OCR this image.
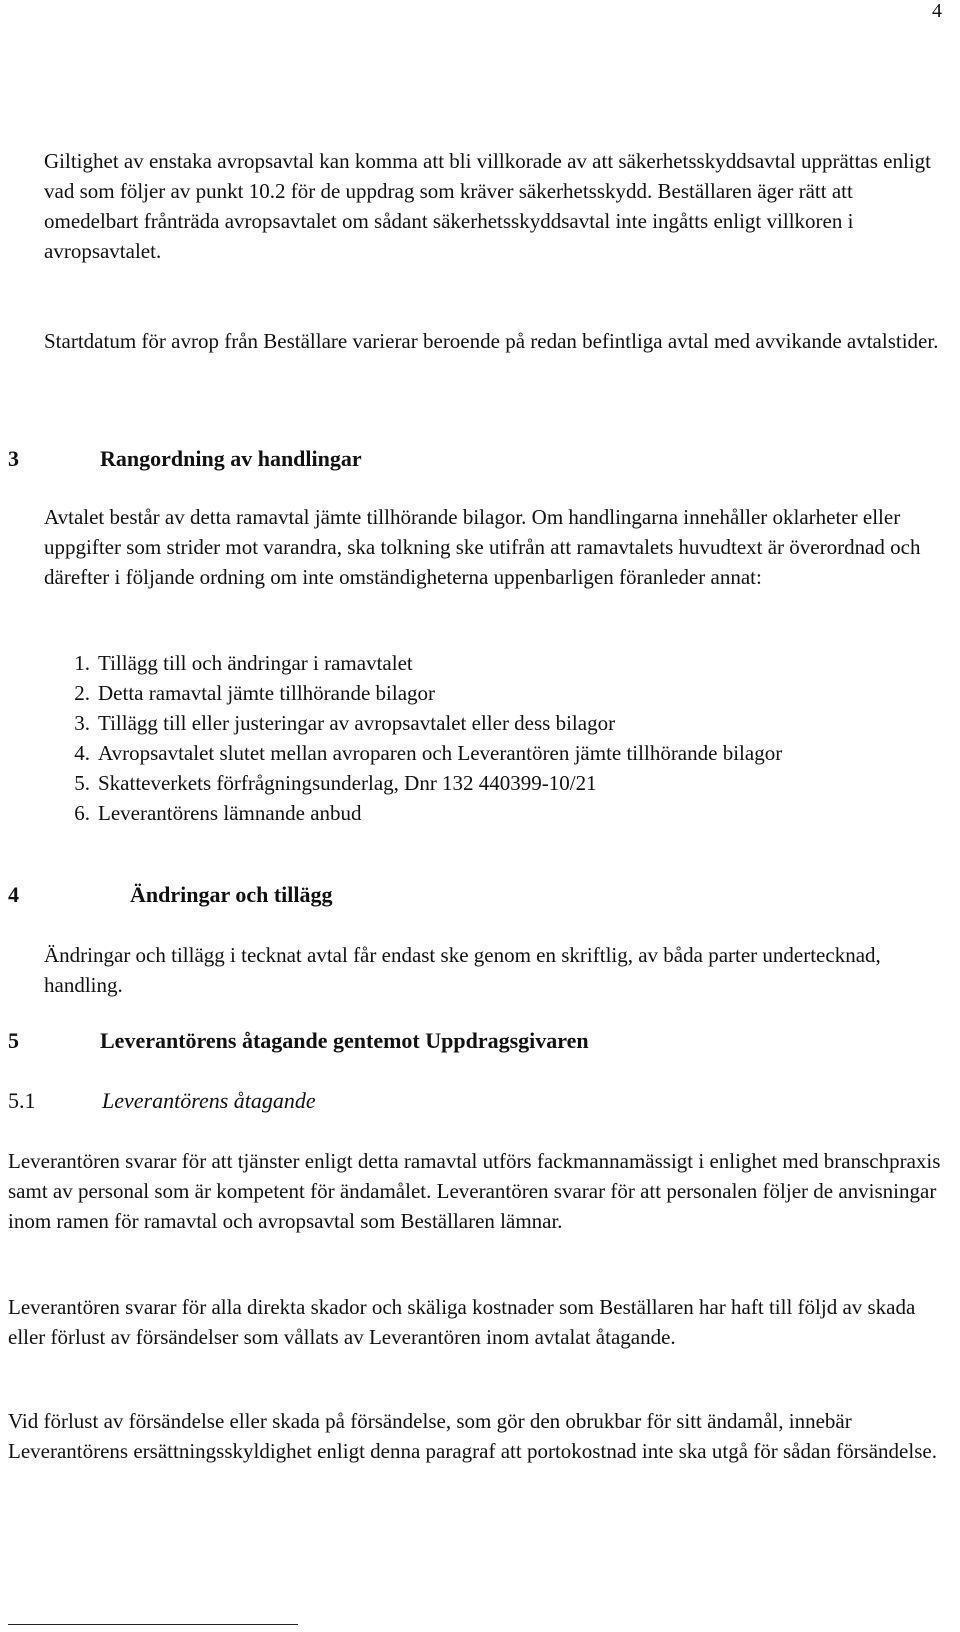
4

Giltighet av enstaka avropsavtal kan komma att bli villkorade av att säkerhetsskyddsavtal upprättas enligt vad som följer av punkt 10.2 för de uppdrag som kräver säkerhetsskydd. Beställaren äger rätt att omedelbart frånträda avropsavtalet om sådant säkerhetsskyddsavtal inte ingåtts enligt villkoren i avropsavtalet.

Startdatum för avrop från Beställare varierar beroende på redan befintliga avtal med avvikande avtalstider.

3	Rangordning av handlingar

Avtalet består av detta ramavtal jämte tillhörande bilagor. Om handlingarna innehåller oklarheter eller uppgifter som strider mot varandra, ska tolkning ske utifrån att ramavtalets huvudtext är överordnad och därefter i följande ordning om inte omständigheterna uppenbarligen föranleder annat:

1. Tillägg till och ändringar i ramavtalet
2. Detta ramavtal jämte tillhörande bilagor
3. Tillägg till eller justeringar av avropsavtalet eller dess bilagor
4. Avropsavtalet slutet mellan avroparen och Leverantören jämte tillhörande bilagor
5. Skatteverkets förfrågningsunderlag, Dnr 132 440399-10/21
6. Leverantörens lämnande anbud
4	Ändringar och tillägg

Ändringar och tillägg i tecknat avtal får endast ske genom en skriftlig, av båda parter undertecknad, handling.

5	Leverantörens åtagande gentemot Uppdragsgivaren
5.1	Leverantörens åtagande

Leverantören svarar för att tjänster enligt detta ramavtal utförs fackmannamässigt i enlighet med branschpraxis samt av personal som är kompetent för ändamålet. Leverantören svarar för att personalen följer de anvisningar inom ramen för ramavtal och avropsavtal som Beställaren lämnar.

Leverantören svarar för alla direkta skador och skäliga kostnader som Beställaren har haft till följd av skada eller förlust av försändelser som vållats av Leverantören inom avtalat åtagande.

Vid förlust av försändelse eller skada på försändelse, som gör den obrukbar för sitt ändamål, innebär Leverantörens ersättningsskyldighet enligt denna paragraf att portokostnad inte ska utgå för sådan försändelse.
